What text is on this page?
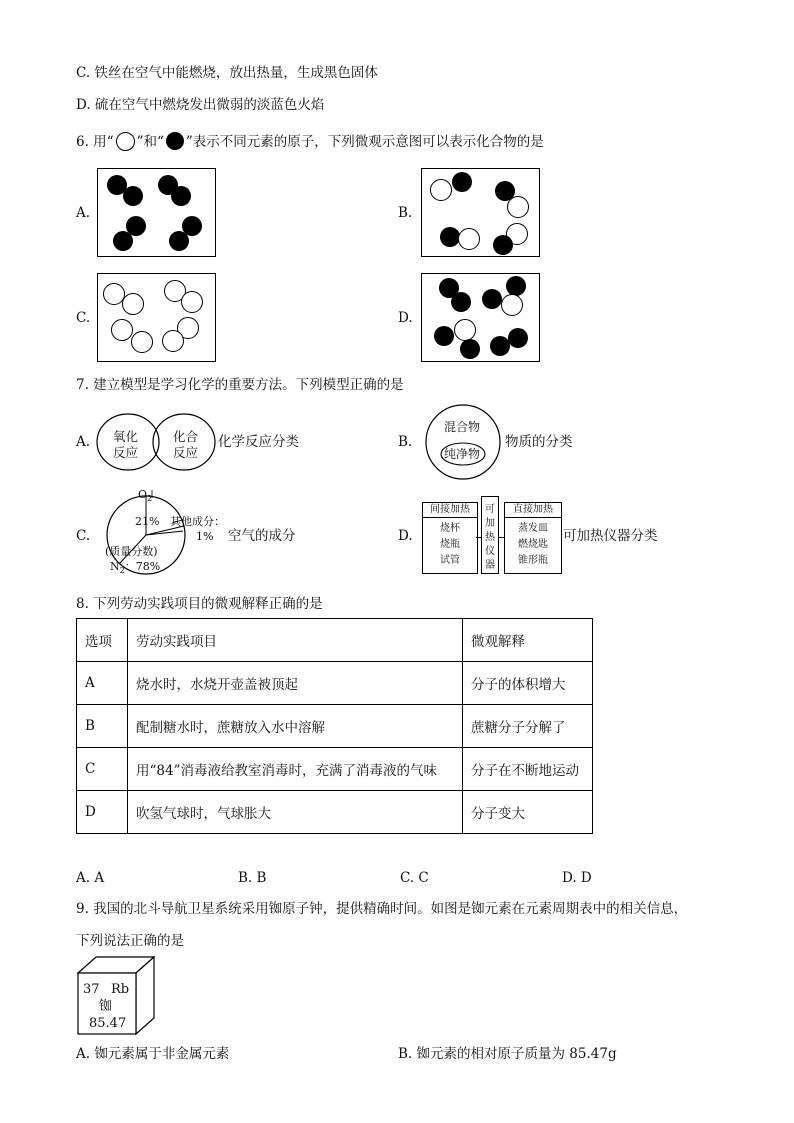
C. 铁丝在空气中能燃烧，放出热量，生成黑色固体
D. 硫在空气中燃烧发出微弱的淡蓝色火焰
6. 用“ ”和“ ”表示不同元素的原子，下列微观示意图可以表示化合物的是
A.	B.
C.	D.
7. 建立模型是学习化学的重要方法。下列模型正确的是
A. 氧化
反应
化合
反应
化学反应分类	B.
混合物
纯净物
物质的分类
C.
$O_2$
21% 其他成分：
1%
(质量分数)
$N_2$：78%
空气的成分	D.
间接加热
烧杯
烧瓶
试管
可
加
热
仪
器
直接加热
蒸发皿
燃烧匙
锥形瓶
可加热仪器分类
8. 下列劳动实践项目的微观解释正确的是
选项	劳动实践项目	微观解释
A	烧水时，水烧开壶盖被顶起	分子的体积增大
B	配制糖水时，蔗糖放入水中溶解	蔗糖分子分解了
C	用“84”消毒液给教室消毒时，充满了消毒液的气味	分子在不断地运动
D	吹氢气球时，气球胀大	分子变大
A. A	B. B	C. C	D. D
9. 我国的北斗导航卫星系统采用铷原子钟，提供精确时间。如图是铷元素在元素周期表中的相关信息，
下列说法正确的是
37 Rb
铷
85.47
A. 铷元素属于非金属元素	B. 铷元素的相对原子质量为 85.47g
